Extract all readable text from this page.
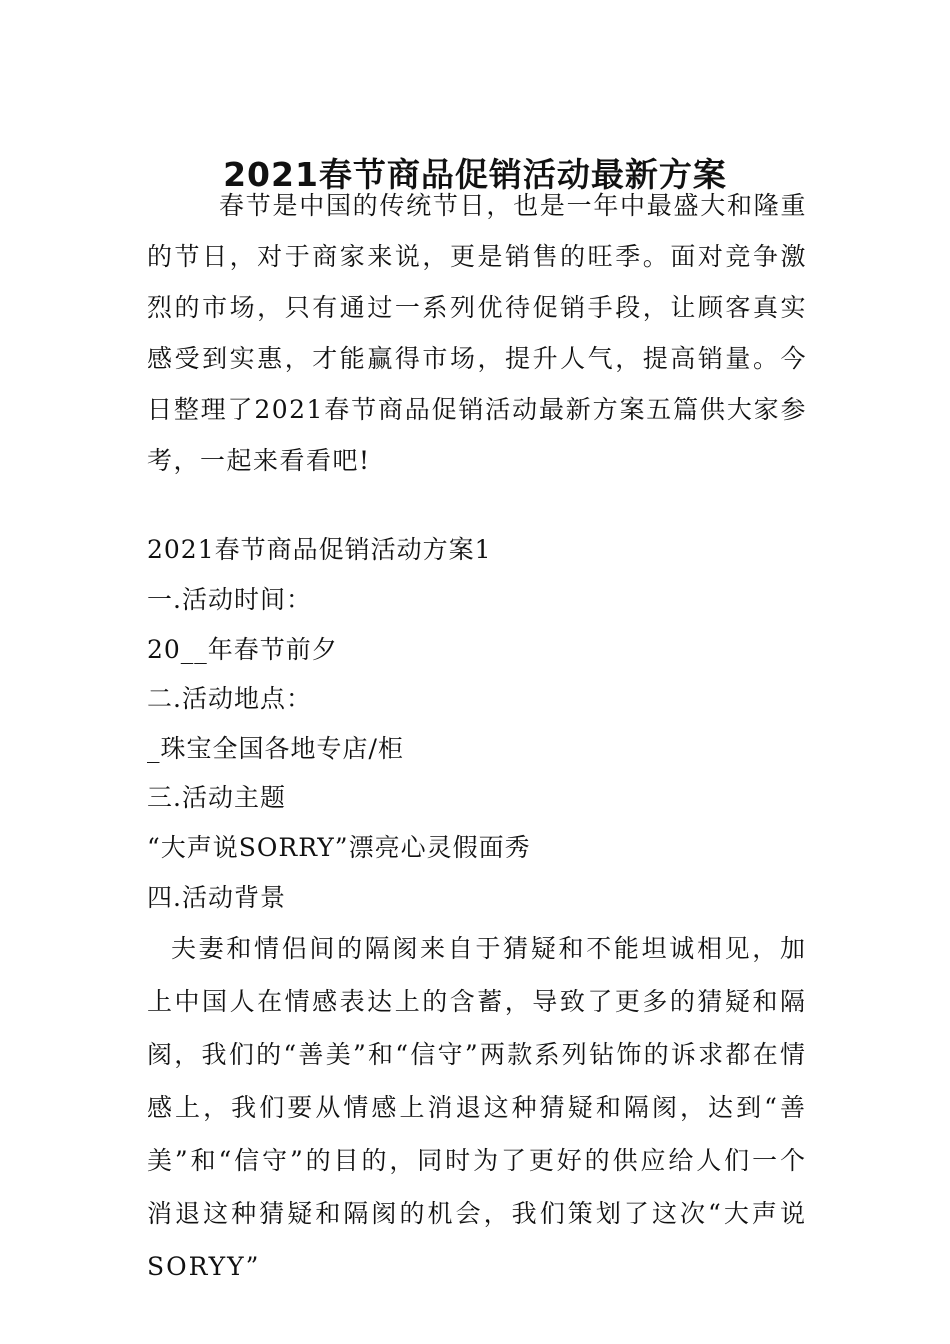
2021春节商品促销活动最新方案

春节是中国的传统节日，也是一年中最盛大和隆重的节日，对于商家来说，更是销售的旺季。面对竞争激烈的市场，只有通过一系列优待促销手段，让顾客真实感受到实惠，才能赢得市场，提升人气，提高销量。今日整理了2021春节商品促销活动最新方案五篇供大家参考，一起来看看吧!

2021春节商品促销活动方案1

一.活动时间：

20__年春节前夕

二.活动地点：

_珠宝全国各地专店/柜

三.活动主题

“大声说SORRY”漂亮心灵假面秀

四.活动背景

夫妻和情侣间的隔阂来自于猜疑和不能坦诚相见，加上中国人在情感表达上的含蓄，导致了更多的猜疑和隔阂，我们的“善美”和“信守”两款系列钻饰的诉求都在情感上，我们要从情感上消退这种猜疑和隔阂，达到“善美”和“信守”的目的，同时为了更好的供应给人们一个消退这种猜疑和隔阂的机会，我们策划了这次“大声说SORYY”
